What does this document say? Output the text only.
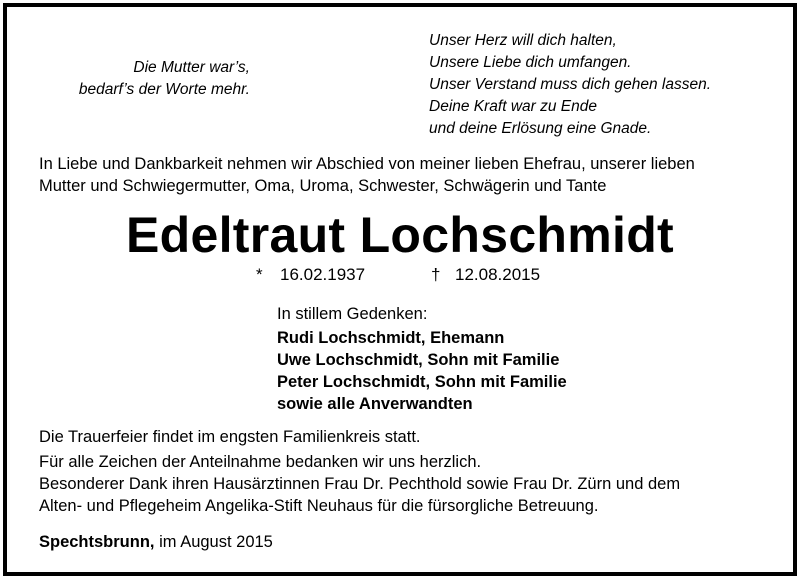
Die Mutter war’s,
bedarf’s der Worte mehr.
Unser Herz will dich halten,
Unsere Liebe dich umfangen.
Unser Verstand muss dich gehen lassen.
Deine Kraft war zu Ende
und deine Erlösung eine Gnade.
In Liebe und Dankbarkeit nehmen wir Abschied von meiner lieben Ehefrau, unserer lieben
Mutter und Schwiegermutter, Oma, Uroma, Schwester, Schwägerin und Tante
Edeltraut Lochschmidt
* 16.02.1937	† 12.08.2015
In stillem Gedenken:
Rudi Lochschmidt, Ehemann
Uwe Lochschmidt, Sohn mit Familie
Peter Lochschmidt, Sohn mit Familie
sowie alle Anverwandten
Die Trauerfeier findet im engsten Familienkreis statt.
Für alle Zeichen der Anteilnahme bedanken wir uns herzlich.
Besonderer Dank ihren Hausärztinnen Frau Dr. Pechthold sowie Frau Dr. Zürn und dem
Alten- und Pflegeheim Angelika-Stift Neuhaus für die fürsorgliche Betreuung.
Spechtsbrunn, im August 2015
